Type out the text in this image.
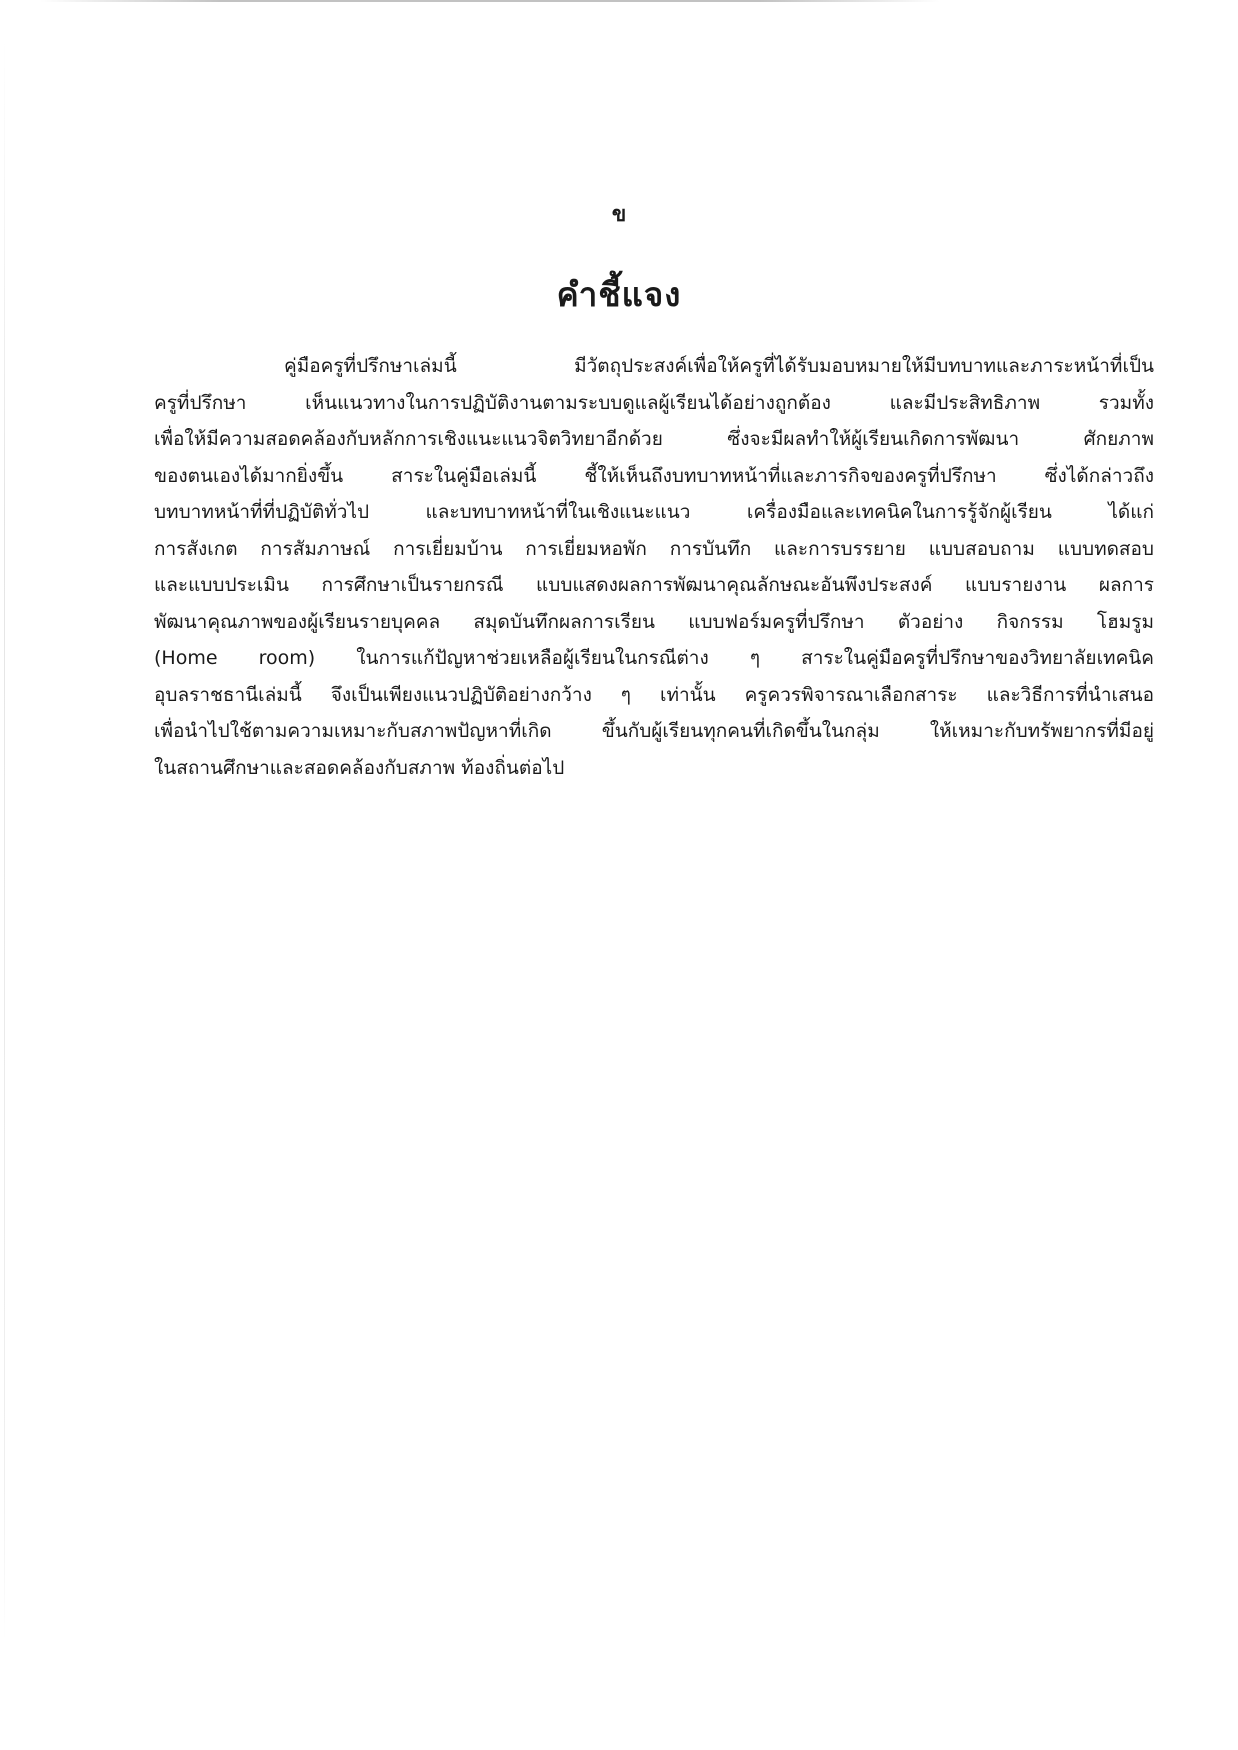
ข
คำชี้แจง
คู่มือครูที่ปรึกษาเล่มนี้ มีวัตถุประสงค์เพื่อให้ครูที่ได้รับมอบหมายให้มีบทบาทและภาระหน้าที่เป็น
ครูที่ปรึกษา เห็นแนวทางในการปฏิบัติงานตามระบบดูแลผู้เรียนได้อย่างถูกต้อง และมีประสิทธิภาพ รวมทั้ง
เพื่อให้มีความสอดคล้องกับหลักการเชิงแนะแนวจิตวิทยาอีกด้วย ซึ่งจะมีผลทำให้ผู้เรียนเกิดการพัฒนา ศักยภาพ
ของตนเองได้มากยิ่งขึ้น สาระในคู่มือเล่มนี้ ชี้ให้เห็นถึงบทบาทหน้าที่และภารกิจของครูที่ปรึกษา ซึ่งได้กล่าวถึง
บทบาทหน้าที่ที่ปฏิบัติทั่วไป และบทบาทหน้าที่ในเชิงแนะแนว เครื่องมือและเทคนิคในการรู้จักผู้เรียน ได้แก่
การสังเกต การสัมภาษณ์ การเยี่ยมบ้าน การเยี่ยมหอพัก การบันทึก และการบรรยาย แบบสอบถาม แบบทดสอบ
และแบบประเมิน การศึกษาเป็นรายกรณี แบบแสดงผลการพัฒนาคุณลักษณะอันพึงประสงค์ แบบรายงาน ผลการ
พัฒนาคุณภาพของผู้เรียนรายบุคคล สมุดบันทึกผลการเรียน แบบฟอร์มครูที่ปรึกษา ตัวอย่าง กิจกรรม โฮมรูม
(Home room) ในการแก้ปัญหาช่วยเหลือผู้เรียนในกรณีต่าง ๆ สาระในคู่มือครูที่ปรึกษาของวิทยาลัยเทคนิค
อุบลราชธานีเล่มนี้ จึงเป็นเพียงแนวปฏิบัติอย่างกว้าง ๆ เท่านั้น ครูควรพิจารณาเลือกสาระ และวิธีการที่นำเสนอ
เพื่อนำไปใช้ตามความเหมาะกับสภาพปัญหาที่เกิด ขึ้นกับผู้เรียนทุกคนที่เกิดขึ้นในกลุ่ม ให้เหมาะกับทรัพยากรที่มีอยู่
ในสถานศึกษาและสอดคล้องกับสภาพ ท้องถิ่นต่อไป
